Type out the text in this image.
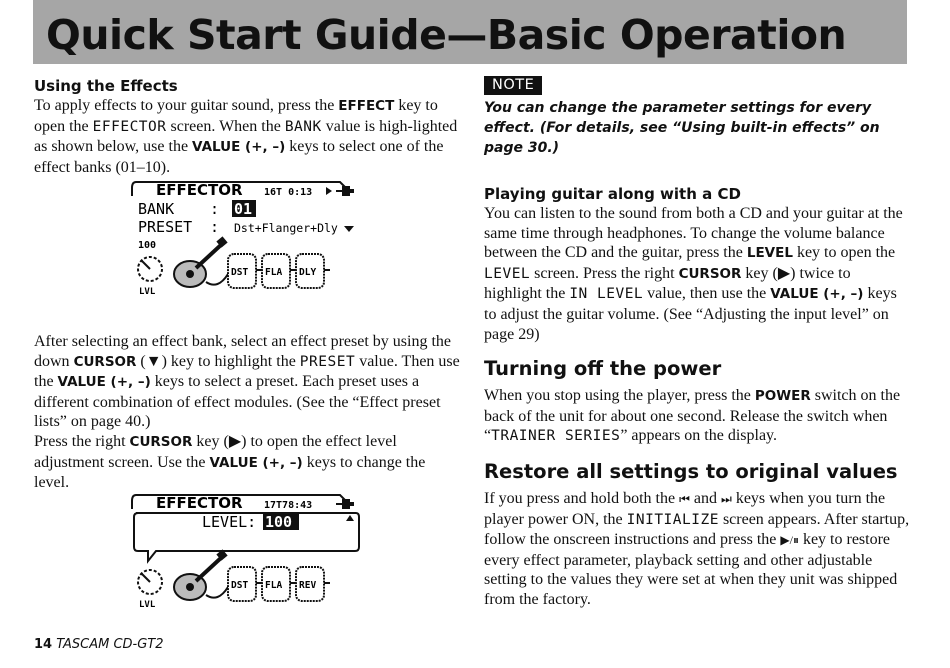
Quick Start Guide—Basic Operation
Using the Effects

To apply effects to your guitar sound, press the EFFECT key to open the EFFECTOR screen. When the BANK value is high-lighted as shown below, use the VALUE (+, –) keys to select one of the effect banks (01–10).

EFFECTOR 16T 0:13
BANK : 01
PRESET : Dst+Flanger+Dly
100
LVL
DST FLA DLY

After selecting an effect bank, select an effect preset by using the down CURSOR (▼) key to highlight the PRESET value. Then use the VALUE (+, –) keys to select a preset. Each preset uses a different combination of effect modules. (See the “Effect preset lists” on page 40.)

Press the right CURSOR key (▶) to open the effect level adjustment screen. Use the VALUE (+, –) keys to change the level.

EFFECTOR 17T78:43
LEVEL: 100
LVL
DST FLA REV
NOTE
You can change the parameter settings for every effect. (For details, see “Using built-in effects” on page 30.)
Playing guitar along with a CD

You can listen to the sound from both a CD and your guitar at the same time through headphones. To change the volume balance between the CD and the guitar, press the LEVEL key to open the LEVEL screen. Press the right CURSOR key (▶) twice to highlight the IN LEVEL value, then use the VALUE (+, –) keys to adjust the guitar volume. (See “Adjusting the input level” on page 29)

Turning off the power

When you stop using the player, press the POWER switch on the back of the unit for about one second. Release the switch when “TRAINER SERIES” appears on the display.

Restore all settings to original values

If you press and hold both the ⏮ and ⏭ keys when you turn the player power ON, the INITIALIZE screen appears. After startup, follow the onscreen instructions and press the ▶/⏸ key to restore every effect parameter, playback setting and other adjustable setting to the values they were set at when they unit was shipped from the factory.

14 TASCAM CD-GT2
